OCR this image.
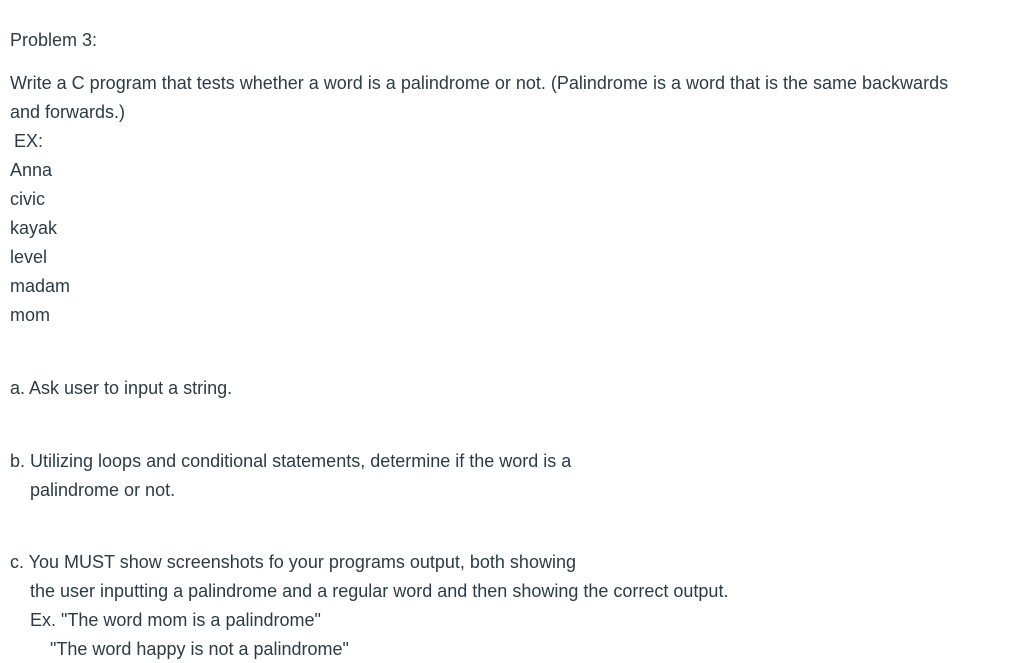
Problem 3:
Write a C program that tests whether a word is a palindrome or not. (Palindrome is a word that is the same backwards
and forwards.)
EX:
Anna
civic
kayak
level
madam
mom
a. Ask user to input a string.
b. Utilizing loops and conditional statements, determine if the word is a
palindrome or not.
c. You MUST show screenshots fo your programs output, both showing
the user inputting a palindrome and a regular word and then showing the correct output.
Ex. "The word mom is a palindrome"
"The word happy is not a palindrome"
